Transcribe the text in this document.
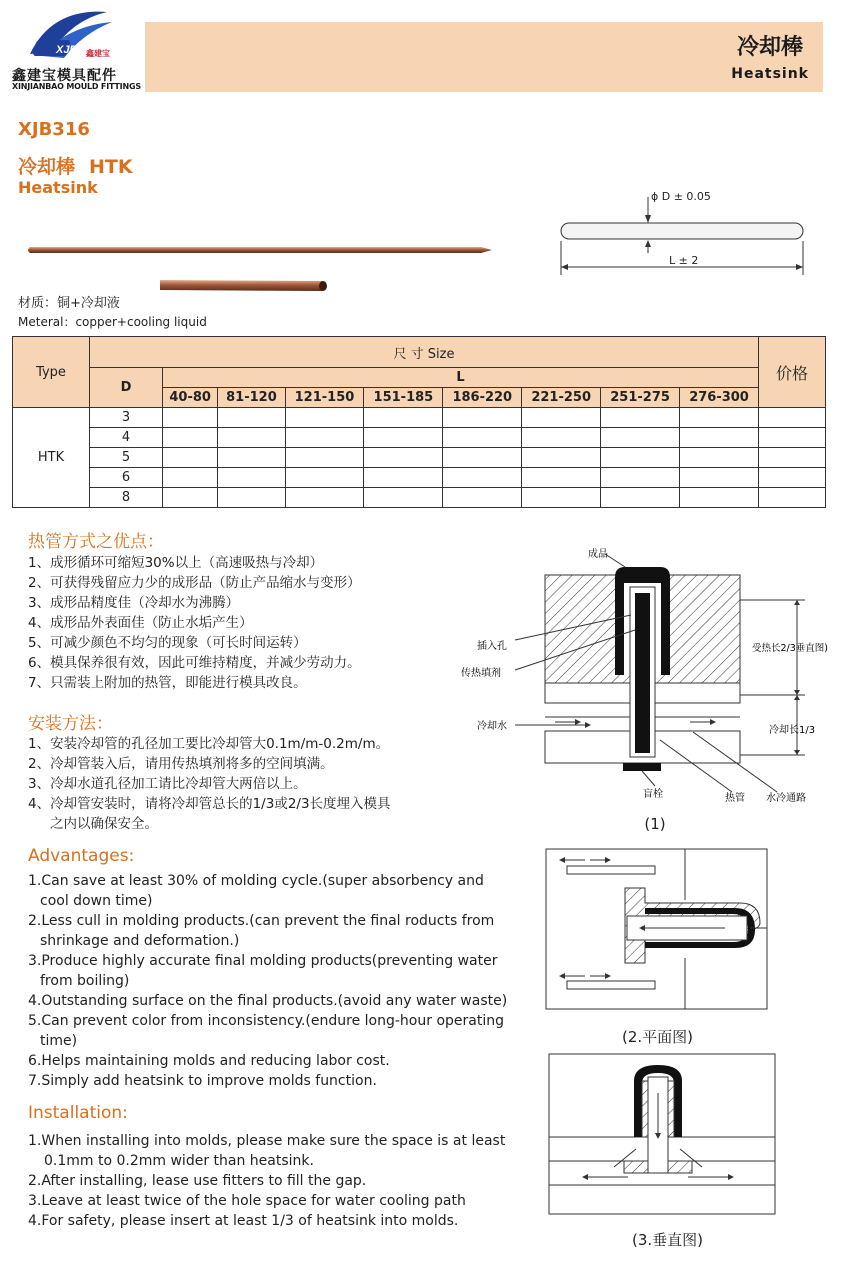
XJB 鑫建宝
鑫建宝模具配件
XINJIANBAO MOULD FITTINGS
冷却棒
Heatsink
XJB316
冷却棒 HTK
Heatsink	ϕ D ± 0.05
L ± 2
材质：铜+冷却液
Meteral：copper+cooling liquid
Type	尺 寸 Size									价格
	D	L								
		40-80	81-120	121-150	151-185	186-220	221-250	251-275	276-300	
HTK	3									
	4									
	5									
	6									
	8									
热管方式之优点：
1、成形循环可缩短30%以上（高速吸热与冷却）
2、可获得残留应力少的成形品（防止产品缩水与变形）
3、成形品精度佳（冷却水为沸腾）
4、成形品外表面佳（防止水垢产生）
5、可减少颜色不均匀的现象（可长时间运转）
6、模具保养很有效，因此可维持精度，并减少劳动力。
7、只需装上附加的热管，即能进行模具改良。
安装方法：
1、安装冷却管的孔径加工要比冷却管大0.1m/m-0.2m/m。
2、冷却管装入后，请用传热填剂将多的空间填满。
3、冷却水道孔径加工请比冷却管大两倍以上。
4、冷却管安装时，请将冷却管总长的1/3或2/3长度埋入模具
之内以确保安全。
Advantages:
1.Can save at least 30% of molding cycle.(super absorbency and
cool down time)
2.Less cull in molding products.(can prevent the final roducts from
shrinkage and deformation.)
3.Produce highly accurate final molding products(preventing water
from boiling)
4.Outstanding surface on the final products.(avoid any water waste)
5.Can prevent color from inconsistency.(endure long-hour operating
time)
6.Helps maintaining molds and reducing labor cost.
7.Simply add heatsink to improve molds function.
Installation:
1.When installing into molds, please make sure the space is at least
0.1mm to 0.2mm wider than heatsink.
2.After installing, lease use fitters to fill the gap.
3.Leave at least twice of the hole space for water cooling path
4.For safety, please insert at least 1/3 of heatsink into molds.
成品
插入孔
传热填剂
冷却水
盲栓	热管 水冷通路
受热长2/3垂直图)
冷却长1/3
(1)
(2.平面图)
(3.垂直图)
